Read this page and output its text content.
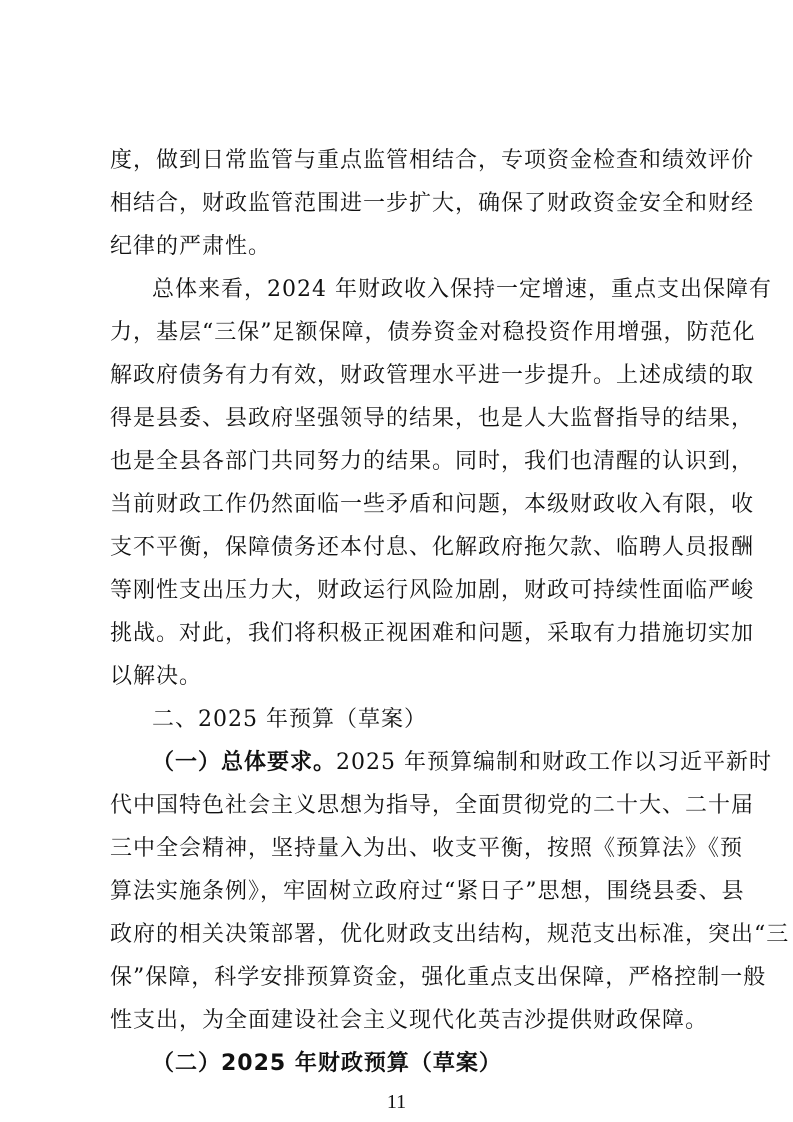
度，做到日常监管与重点监管相结合，专项资金检查和绩效评价
相结合，财政监管范围进一步扩大，确保了财政资金安全和财经
纪律的严肃性。
总体来看，2024 年财政收入保持一定增速，重点支出保障有
力，基层“三保”足额保障，债券资金对稳投资作用增强，防范化
解政府债务有力有效，财政管理水平进一步提升。上述成绩的取
得是县委、县政府坚强领导的结果，也是人大监督指导的结果，
也是全县各部门共同努力的结果。同时，我们也清醒的认识到，
当前财政工作仍然面临一些矛盾和问题，本级财政收入有限，收
支不平衡，保障债务还本付息、化解政府拖欠款、临聘人员报酬
等刚性支出压力大，财政运行风险加剧，财政可持续性面临严峻
挑战。对此，我们将积极正视困难和问题，采取有力措施切实加
以解决。
二、2025 年预算（草案）
（一）总体要求。2025 年预算编制和财政工作以习近平新时
代中国特色社会主义思想为指导，全面贯彻党的二十大、二十届
三中全会精神，坚持量入为出、收支平衡，按照《预算法》《预
算法实施条例》，牢固树立政府过“紧日子”思想，围绕县委、县
政府的相关决策部署，优化财政支出结构，规范支出标准，突出“三
保”保障，科学安排预算资金，强化重点支出保障，严格控制一般
性支出，为全面建设社会主义现代化英吉沙提供财政保障。
（二）2025 年财政预算（草案）
11
